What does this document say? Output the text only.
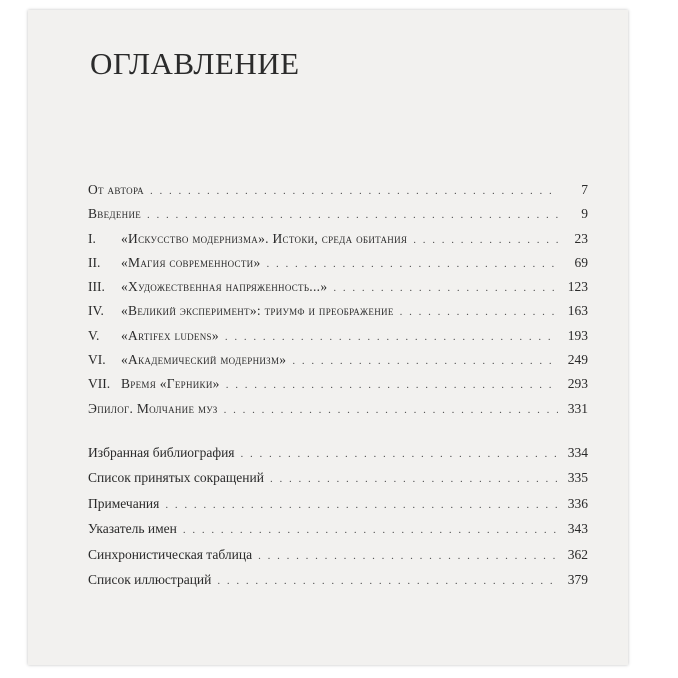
ОГЛАВЛЕНИЕ
От автора . . .	7
Введение . . .	9
I.	«Искусство модернизма». Истоки, среда обитания . . .	23
II.	«Магия современности» . . .	69
III.	«Художественная напряженность...» . . .	123
IV.	«Великий эксперимент»: триумф и преображение . . .	163
V.	«Artifex ludens» . . .	193
VI.	«Академический модернизм» . . .	249
VII. Время «Герники» . . .	293
Эпилог. Молчание муз . . .	331
Избранная библиография . . .	334
Список принятых сокращений . . .	335
Примечания . . .	336
Указатель имен . . .	343
Синхронистическая таблица . . .	362
Список иллюстраций . . .	379
